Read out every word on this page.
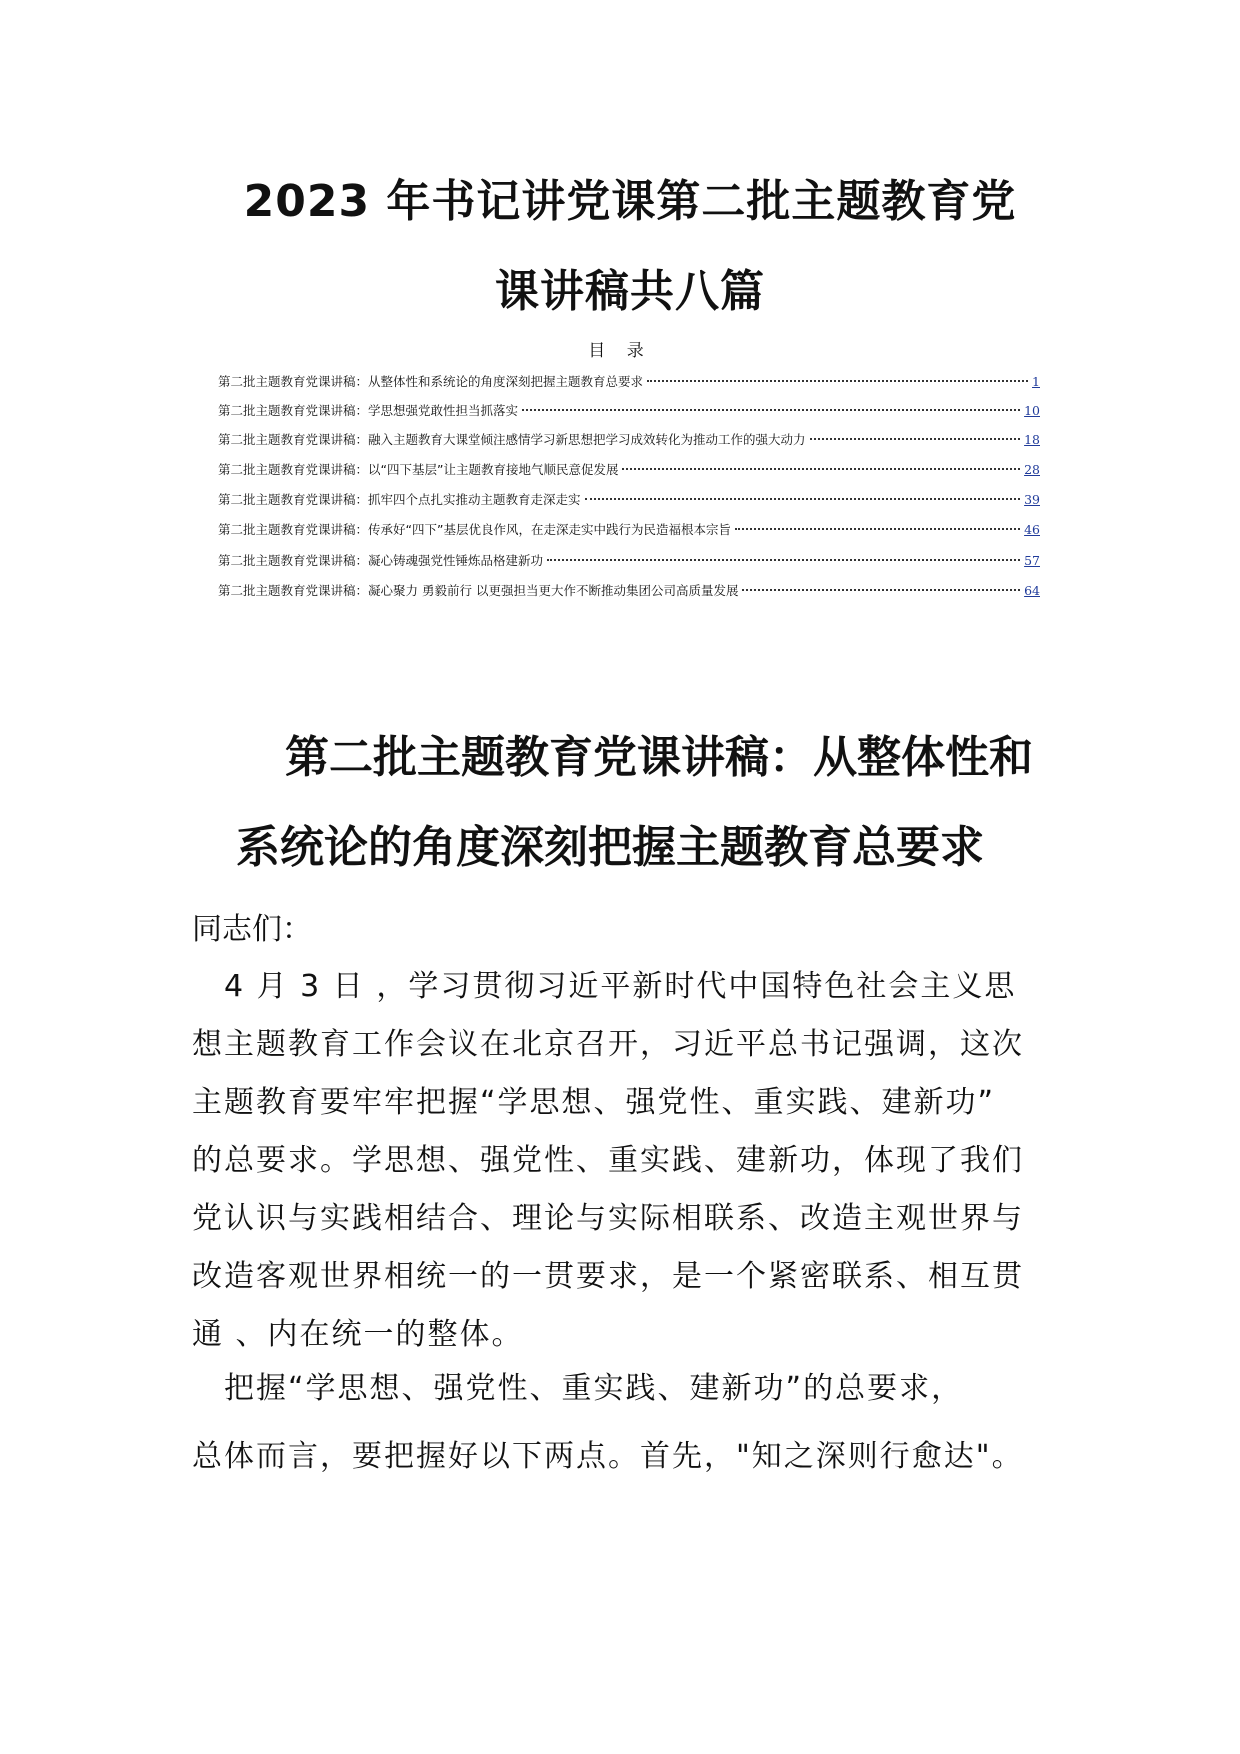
2023 年书记讲党课第二批主题教育党
课讲稿共八篇
目 录
第二批主题教育党课讲稿：从整体性和系统论的角度深刻把握主题教育总要求	1
第二批主题教育党课讲稿：学思想强党敢性担当抓落实	10
第二批主题教育党课讲稿：融入主题教育大课堂倾注感情学习新思想把学习成效转化为推动工作的强大动力	18
第二批主题教育党课讲稿：以“四下基层”让主题教育接地气顺民意促发展	28
第二批主题教育党课讲稿：抓牢四个点扎实推动主题教育走深走实	39
第二批主题教育党课讲稿：传承好“四下”基层优良作风，在走深走实中践行为民造福根本宗旨	46
第二批主题教育党课讲稿：凝心铸魂强党性锤炼品格建新功	57
第二批主题教育党课讲稿：凝心聚力 勇毅前行 以更强担当更大作不断推动集团公司高质量发展	64
第二批主题教育党课讲稿：从整体性和
系统论的角度深刻把握主题教育总要求

同志们：

　4 月 3 日 ，学习贯彻习近平新时代中国特色社会主义思
想主题教育工作会议在北京召开，习近平总书记强调，这次
主题教育要牢牢把握“学思想、强党性、重实践、建新功”
的总要求。学思想、强党性、重实践、建新功，体现了我们
党认识与实践相结合、理论与实际相联系、改造主观世界与
改造客观世界相统一的一贯要求，是一个紧密联系、相互贯
通 、内在统一的整体。
　把握“学思想、强党性、重实践、建新功”的总要求，
总体而言，要把握好以下两点。首先，"知之深则行愈达"。
